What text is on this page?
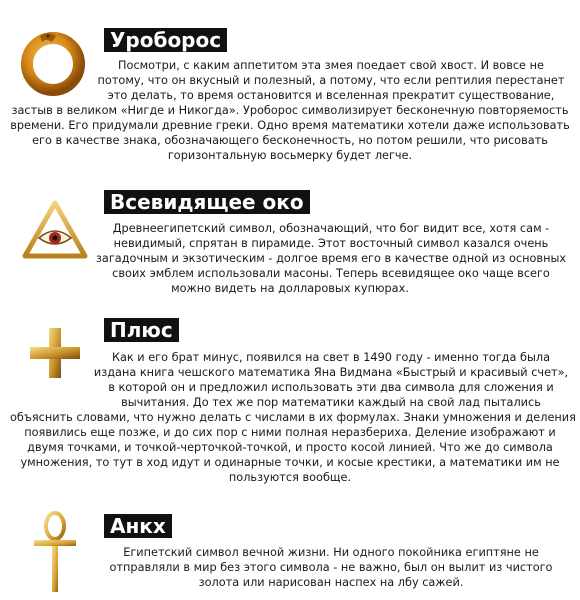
Уроборос

Посмотри, с каким аппетитом эта змея поедает свой хвост. И вовсе не
потому, что он вкусный и полезный, а потому, что если рептилия перестанет
это делать, то время остановится и вселенная прекратит существование,
застыв в великом «Нигде и Никогда». Уроборос символизирует бесконечную повторяемость
времени. Его придумали древние греки. Одно время математики хотели даже использовать
его в качестве знака, обозначающего бесконечность, но потом решили, что рисовать
горизонтальную восьмерку будет легче.

Всевидящее око

Древнеегипетский символ, обозначающий, что бог видит все, хотя сам -
невидимый, спрятан в пирамиде. Этот восточный символ казался очень
загадочным и экзотическим - долгое время его в качестве одной из основных
своих эмблем использовали масоны. Теперь всевидящее око чаще всего
можно видеть на долларовых купюрах.

Плюс

Как и его брат минус, появился на свет в 1490 году - именно тогда была
издана книга чешского математика Яна Видмана «Быстрый и красивый счет»,
в которой он и предложил использовать эти два символа для сложения и
вычитания. До тех же пор математики каждый на свой лад пытались
объяснить словами, что нужно делать с числами в их формулах. Знаки умножения и деления
появились еще позже, и до сих пор с ними полная неразбериха. Деление изображают и
двумя точками, и точкой-черточкой-точкой, и просто косой линией. Что же до символа
умножения, то тут в ход идут и одинарные точки, и косые крестики, а математики им не
пользуются вообще.

Анкх

Египетский символ вечной жизни. Ни одного покойника египтяне не
отправляли в мир без этого символа - не важно, был он вылит из чистого
золота или нарисован наспех на лбу сажей.
